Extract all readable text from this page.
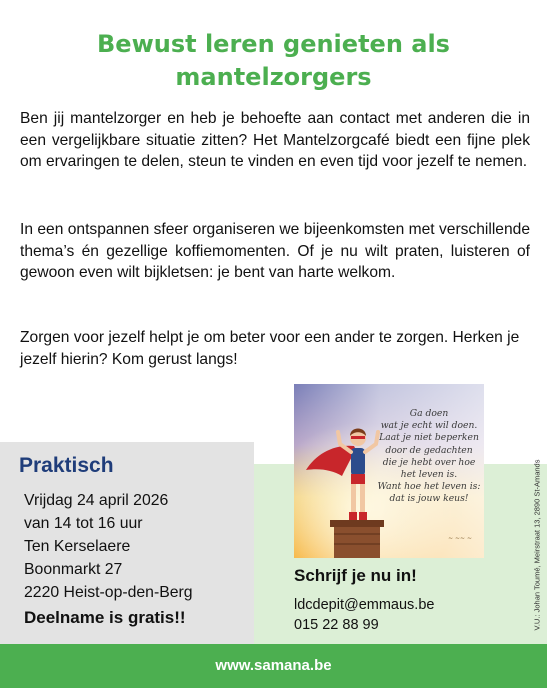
Bewust leren genieten als
mantelzorgers

Ben jij mantelzorger en heb je behoefte aan contact met anderen die in een vergelijkbare situatie zitten? Het Mantelzorgcafé biedt een fijne plek om ervaringen te delen, steun te vinden en even tijd voor jezelf te nemen.

In een ontspannen sfeer organiseren we bijeenkomsten met verschillende thema’s én gezellige koffiemomenten. Of je nu wilt praten, luisteren of gewoon even wilt bijkletsen: je bent van harte welkom.

Zorgen voor jezelf helpt je om beter voor een ander te zorgen. Herken je jezelf hierin? Kom gerust langs!

Praktisch
Vrijdag 24 april 2026
van 14 tot 16 uur
Ten Kerselaere
Boonmarkt 27
2220 Heist-op-den-Berg
Deelname is gratis!!
Ga doen
wat je echt wil doen.
Laat je niet beperken
door de gedachten
die je hebt over hoe
het leven is.
Want hoe het leven is:
dat is jouw keus!
~ ~~ ~
Schrijf je nu in!
ldcdepit@emmaus.be
015 22 88 99	V.U.: Johan Toumé, Meirstraat 13, 2890 St-Amands
www.samana.be
